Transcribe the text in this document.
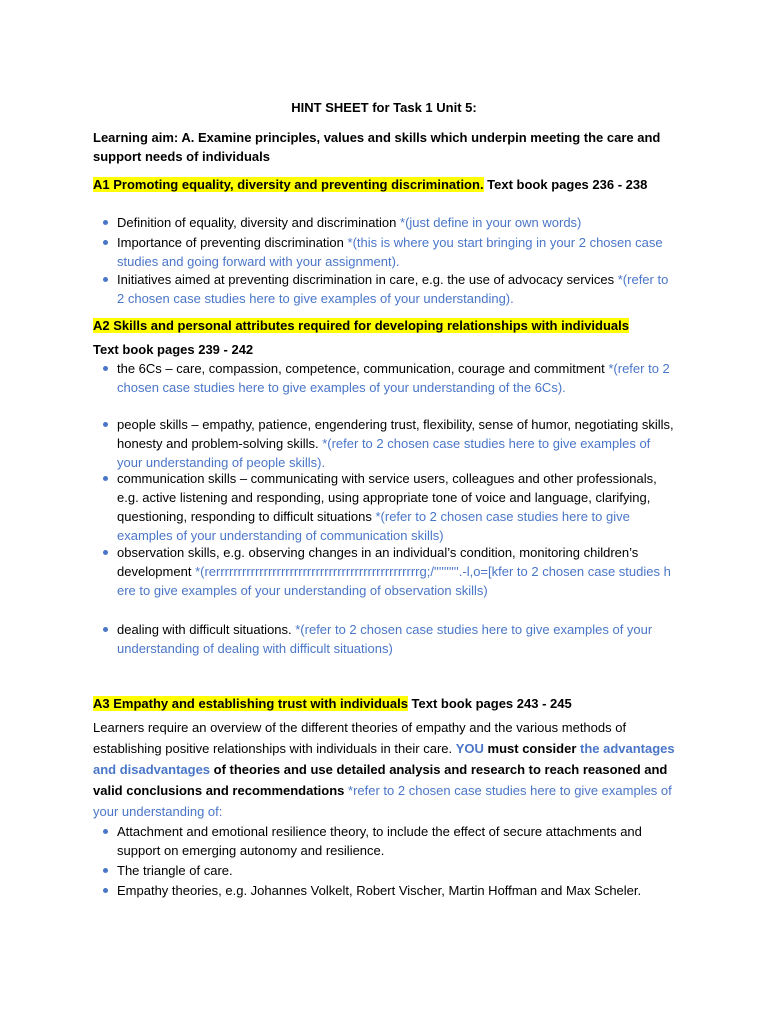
HINT SHEET for Task 1 Unit 5:
Learning aim: A. Examine principles, values and skills which underpin meeting the care and support needs of individuals
A1 Promoting equality, diversity and preventing discrimination. Text book pages 236 - 238
Definition of equality, diversity and discrimination *(just define in your own words)
Importance of preventing discrimination *(this is where you start bringing in your 2 chosen case studies and going forward with your assignment).
Initiatives aimed at preventing discrimination in care, e.g. the use of advocacy services *(refer to 2 chosen case studies here to give examples of your understanding).
A2 Skills and personal attributes required for developing relationships with individuals
Text book pages 239 - 242
the 6Cs – care, compassion, competence, communication, courage and commitment *(refer to 2 chosen case studies here to give examples of your understanding of the 6Cs).
people skills – empathy, patience, engendering trust, flexibility, sense of humor, negotiating skills, honesty and problem-solving skills. *(refer to 2 chosen case studies here to give examples of your understanding of people skills).
communication skills – communicating with service users, colleagues and other professionals, e.g. active listening and responding, using appropriate tone of voice and language, clarifying, questioning, responding to difficult situations *(refer to 2 chosen case studies here to give examples of your understanding of communication skills)
observation skills, e.g. observing changes in an individual’s condition, monitoring children’s development *(rerrrrrrrrrrrrrrrrrrrrrrrrrrrrrrrrrrrrrrrrrrrrrrrg;/''''''''''.-l,o=[kfer to 2 chosen case studies here to give examples of your understanding of observation skills)
dealing with difficult situations. *(refer to 2 chosen case studies here to give examples of your understanding of dealing with difficult situations)
A3 Empathy and establishing trust with individuals Text book pages 243 - 245
Learners require an overview of the different theories of empathy and the various methods of establishing positive relationships with individuals in their care. YOU must consider the advantages and disadvantages of theories and use detailed analysis and research to reach reasoned and valid conclusions and recommendations *refer to 2 chosen case studies here to give examples of your understanding of:
Attachment and emotional resilience theory, to include the effect of secure attachments and support on emerging autonomy and resilience.
The triangle of care.
Empathy theories, e.g. Johannes Volkelt, Robert Vischer, Martin Hoffman and Max Scheler.
